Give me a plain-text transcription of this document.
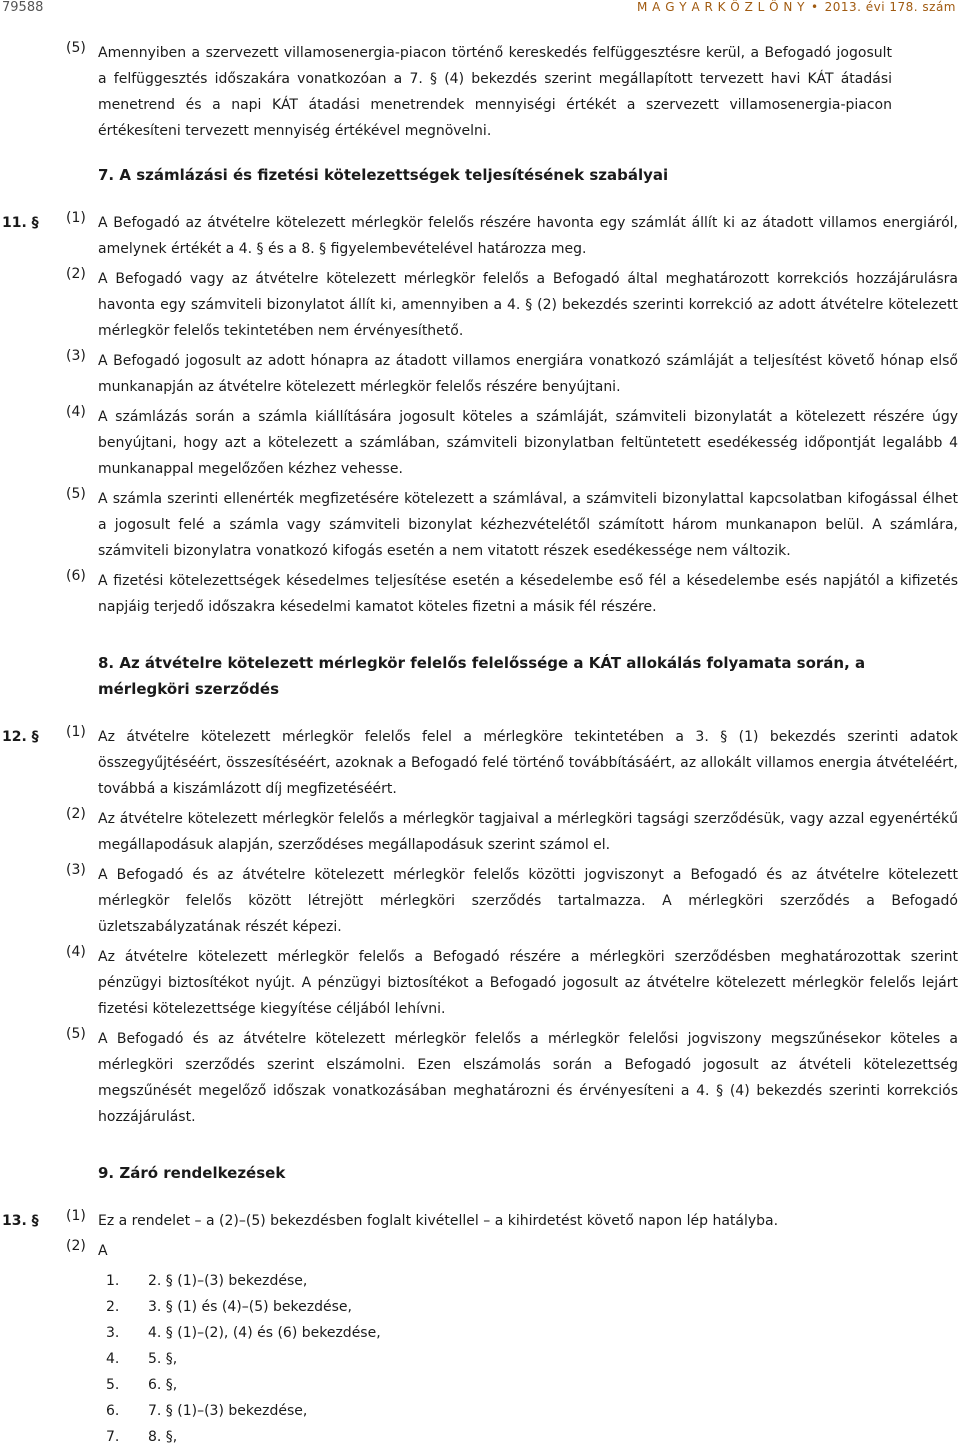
79588	M A G Y A R K Ö Z L Ö N Y • 2013. évi 178. szám
(5) Amennyiben a szervezett villamosenergia-piacon történő kereskedés felfüggesztésre kerül, a Befogadó jogosult a felfüggesztés időszakára vonatkozóan a 7. § (4) bekezdés szerint megállapított tervezett havi KÁT átadási menetrend és a napi KÁT átadási menetrendek mennyiségi értékét a szervezett villamosenergia-piacon értékesíteni tervezett mennyiség értékével megnövelni.
7. A számlázási és fizetési kötelezettségek teljesítésének szabályai
11. §	(1) A Befogadó az átvételre kötelezett mérlegkör felelős részére havonta egy számlát állít ki az átadott villamos energiáról, amelynek értékét a 4. § és a 8. § figyelembevételével határozza meg.
(2) A Befogadó vagy az átvételre kötelezett mérlegkör felelős a Befogadó által meghatározott korrekciós hozzájárulásra havonta egy számviteli bizonylatot állít ki, amennyiben a 4. § (2) bekezdés szerinti korrekció az adott átvételre kötelezett mérlegkör felelős tekintetében nem érvényesíthető.
(3) A Befogadó jogosult az adott hónapra az átadott villamos energiára vonatkozó számláját a teljesítést követő hónap első munkanapján az átvételre kötelezett mérlegkör felelős részére benyújtani.
(4) A számlázás során a számla kiállítására jogosult köteles a számláját, számviteli bizonylatát a kötelezett részére úgy benyújtani, hogy azt a kötelezett a számlában, számviteli bizonylatban feltüntetett esedékesség időpontját legalább 4 munkanappal megelőzően kézhez vehesse.
(5) A számla szerinti ellenérték megfizetésére kötelezett a számlával, a számviteli bizonylattal kapcsolatban kifogással élhet a jogosult felé a számla vagy számviteli bizonylat kézhezvételétől számított három munkanapon belül. A számlára, számviteli bizonylatra vonatkozó kifogás esetén a nem vitatott részek esedékessége nem változik.
(6) A fizetési kötelezettségek késedelmes teljesítése esetén a késedelembe eső fél a késedelembe esés napjától a kifizetés napjáig terjedő időszakra késedelmi kamatot köteles fizetni a másik fél részére.
8. Az átvételre kötelezett mérlegkör felelős felelőssége a KÁT allokálás folyamata során, a mérlegköri szerződés
12. §	(1) Az átvételre kötelezett mérlegkör felelős felel a mérlegköre tekintetében a 3. § (1) bekezdés szerinti adatok összegyűjtéséért, összesítéséért, azoknak a Befogadó felé történő továbbításáért, az allokált villamos energia átvételéért, továbbá a kiszámlázott díj megfizetéséért.
(2) Az átvételre kötelezett mérlegkör felelős a mérlegkör tagjaival a mérlegköri tagsági szerződésük, vagy azzal egyenértékű megállapodásuk alapján, szerződéses megállapodásuk szerint számol el.
(3) A Befogadó és az átvételre kötelezett mérlegkör felelős közötti jogviszonyt a Befogadó és az átvételre kötelezett mérlegkör felelős között létrejött mérlegköri szerződés tartalmazza. A mérlegköri szerződés a Befogadó üzletszabályzatának részét képezi.
(4) Az átvételre kötelezett mérlegkör felelős a Befogadó részére a mérlegköri szerződésben meghatározottak szerint pénzügyi biztosítékot nyújt. A pénzügyi biztosítékot a Befogadó jogosult az átvételre kötelezett mérlegkör felelős lejárt fizetési kötelezettsége kiegyítése céljából lehívni.
(5) A Befogadó és az átvételre kötelezett mérlegkör felelős a mérlegkör felelősi jogviszony megszűnésekor köteles a mérlegköri szerződés szerint elszámolni. Ezen elszámolás során a Befogadó jogosult az átvételi kötelezettség megszűnését megelőző időszak vonatkozásában meghatározni és érvényesíteni a 4. § (4) bekezdés szerinti korrekciós hozzájárulást.
9. Záró rendelkezések
13. §	(1) Ez a rendelet – a (2)–(5) bekezdésben foglalt kivétellel – a kihirdetést követő napon lép hatályba.
(2) A
1.	2. § (1)–(3) bekezdése,
2.	3. § (1) és (4)–(5) bekezdése,
3.	4. § (1)–(2), (4) és (6) bekezdése,
4.	5. §,
5.	6. §,
6.	7. § (1)–(3) bekezdése,
7.	8. §,
